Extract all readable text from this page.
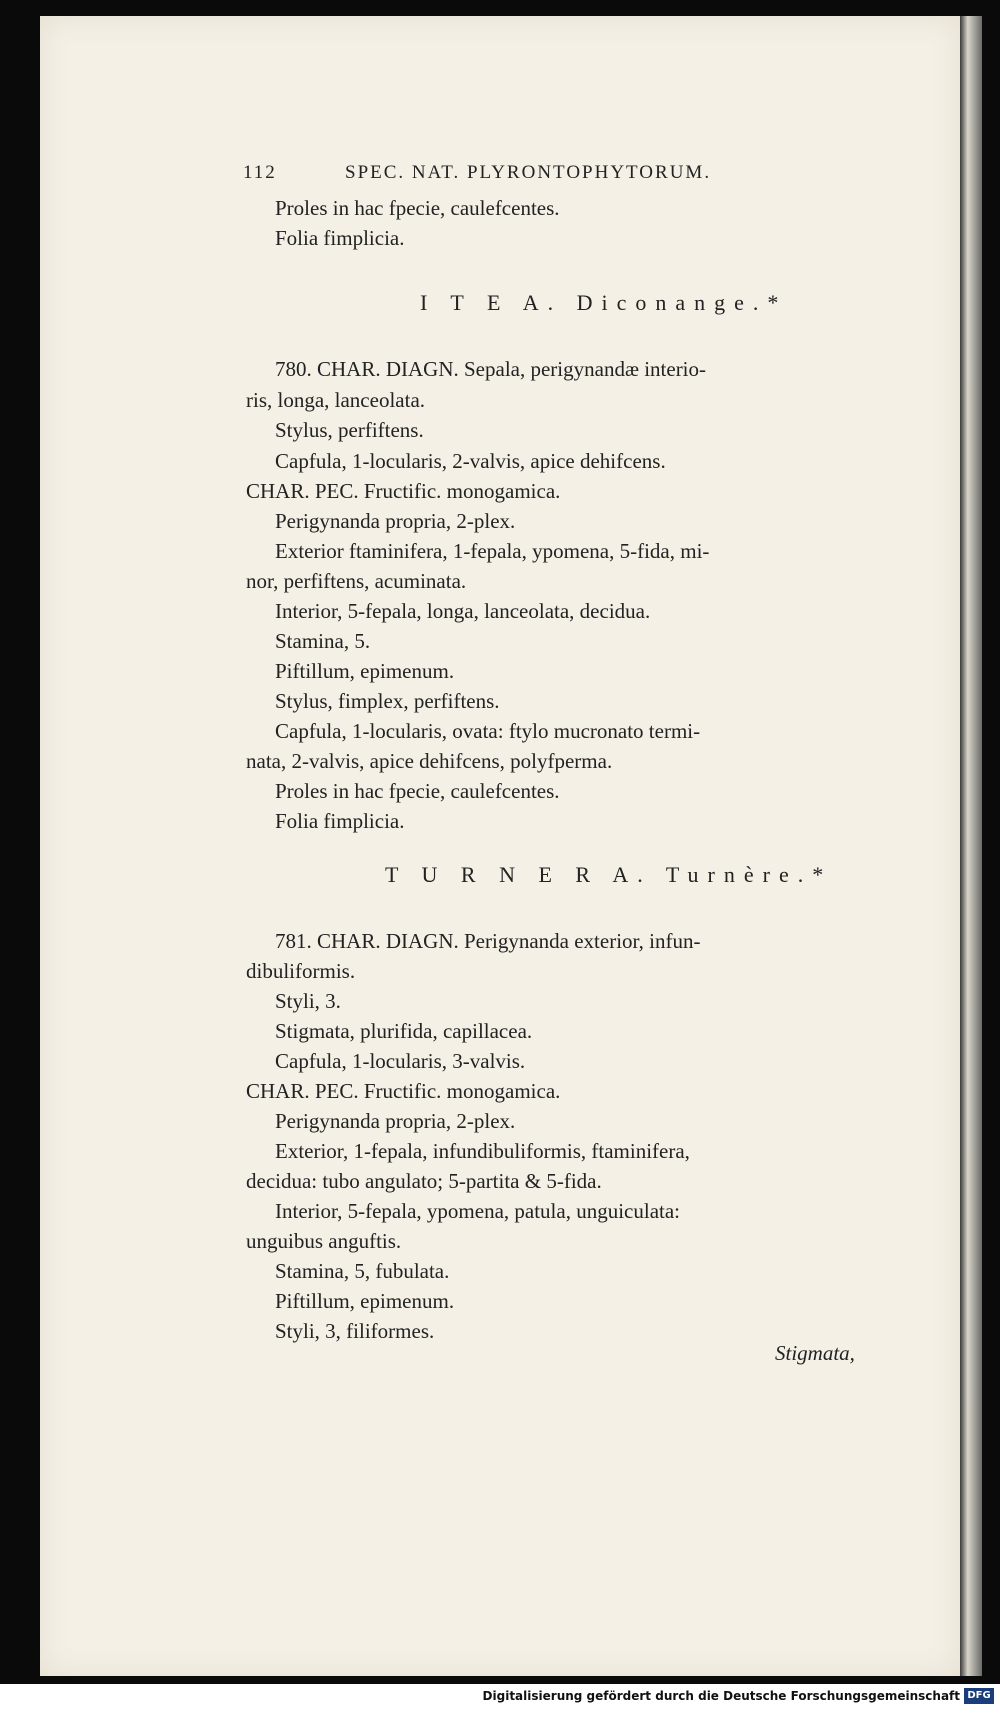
112	SPEC. NAT. PLYRONTOPHYTORUM.
Proles in hac fpecie, caulefcentes.
Folia fimplicia.
I T E A. Diconange.*
780. CHAR. DIAGN. Sepala, perigynandæ interio-
ris, longa, lanceolata.
Stylus, perfiftens.
Capfula, 1-locularis, 2-valvis, apice dehifcens.
CHAR. PEC. Fructific. monogamica.
Perigynanda propria, 2-plex.
Exterior ftaminifera, 1-fepala, ypomena, 5-fida, mi-
nor, perfiftens, acuminata.
Interior, 5-fepala, longa, lanceolata, decidua.
Stamina, 5.
Piftillum, epimenum.
Stylus, fimplex, perfiftens.
Capfula, 1-locularis, ovata: ftylo mucronato termi-
nata, 2-valvis, apice dehifcens, polyfperma.
Proles in hac fpecie, caulefcentes.
Folia fimplicia.
T U R N E R A. Turnère.*
781. CHAR. DIAGN. Perigynanda exterior, infun-
dibuliformis.
Styli, 3.
Stigmata, plurifida, capillacea.
Capfula, 1-locularis, 3-valvis.
CHAR. PEC. Fructific. monogamica.
Perigynanda propria, 2-plex.
Exterior, 1-fepala, infundibuliformis, ftaminifera,
decidua: tubo angulato; 5-partita & 5-fida.
Interior, 5-fepala, ypomena, patula, unguiculata:
unguibus anguftis.
Stamina, 5, fubulata.
Piftillum, epimenum.
Styli, 3, filiformes.
Stigmata,
Digitalisierung gefördert durch die Deutsche Forschungsgemeinschaft DFG
